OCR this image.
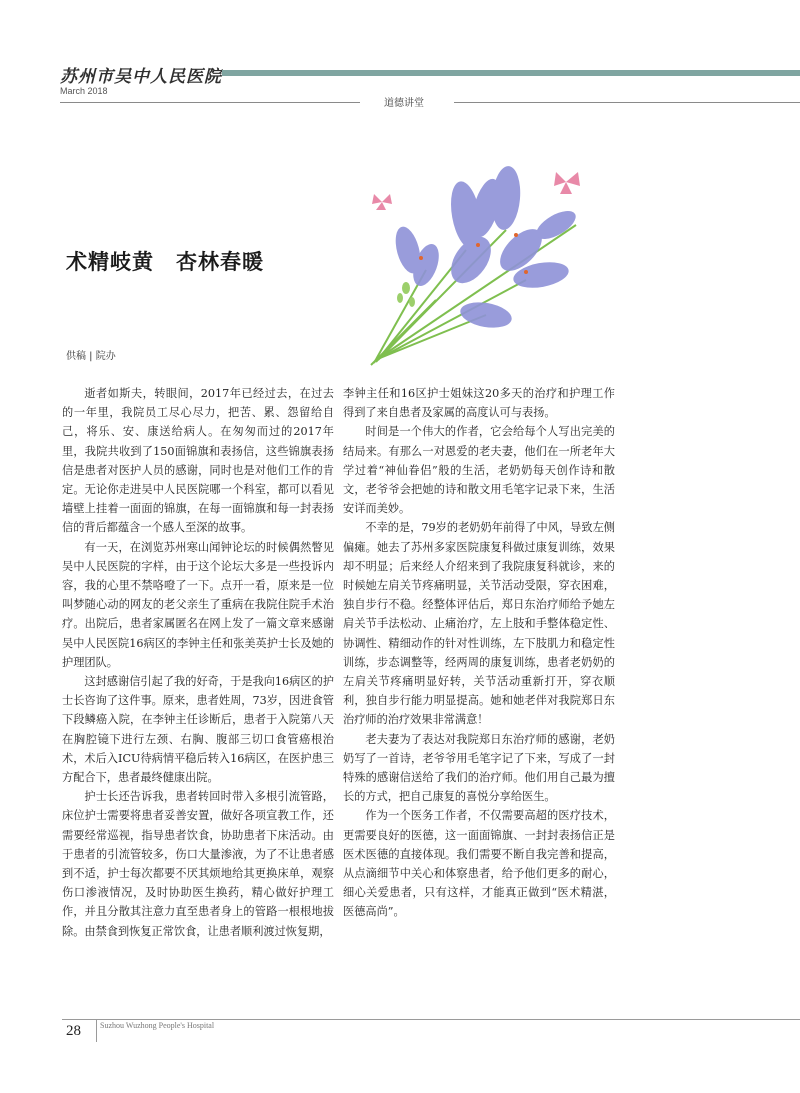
苏州市吴中人民医院
March 2018
道德讲堂
术精岐黄　杏林春暖
供稿 | 院办

逝者如斯夫，转眼间，2017年已经过去，在过去的一年里，我院员工尽心尽力，把苦、累、怨留给自己，将乐、安、康送给病人。在匆匆而过的2017年里，我院共收到了150面锦旗和表扬信，这些锦旗表扬信是患者对医护人员的感谢，同时也是对他们工作的肯定。无论你走进吴中人民医院哪一个科室，都可以看见墙壁上挂着一面面的锦旗，在每一面锦旗和每一封表扬信的背后都蕴含一个感人至深的故事。

有一天，在浏览苏州寒山闻钟论坛的时候偶然瞥见吴中人民医院的字样，由于这个论坛大多是一些投诉内容，我的心里不禁咯噔了一下。点开一看，原来是一位叫梦随心动的网友的老父亲生了重病在我院住院手术治疗。出院后，患者家属匿名在网上发了一篇文章来感谢吴中人民医院16病区的李钟主任和张美英护士长及她的护理团队。

这封感谢信引起了我的好奇，于是我向16病区的护士长咨询了这件事。原来，患者姓周，73岁，因进食管下段鳞癌入院，在李钟主任诊断后，患者于入院第八天在胸腔镜下进行左颈、右胸、腹部三切口食管癌根治术，术后入ICU待病情平稳后转入16病区，在医护患三方配合下，患者最终健康出院。

护士长还告诉我，患者转回时带入多根引流管路，床位护士需要将患者妥善安置，做好各项宣教工作，还需要经常巡视，指导患者饮食，协助患者下床活动。由于患者的引流管较多，伤口大量渗液，为了不让患者感到不适，护士每次都要不厌其烦地给其更换床单，观察伤口渗液情况，及时协助医生换药，精心做好护理工作，并且分散其注意力直至患者身上的管路一根根地拔除。由禁食到恢复正常饮食，让患者顺利渡过恢复期，

李钟主任和16区护士姐妹这20多天的治疗和护理工作得到了来自患者及家属的高度认可与表扬。

时间是一个伟大的作者，它会给每个人写出完美的结局来。有那么一对恩爱的老夫妻，他们在一所老年大学过着“神仙眷侣”般的生活，老奶奶每天创作诗和散文，老爷爷会把她的诗和散文用毛笔字记录下来，生活安详而美妙。

不幸的是，79岁的老奶奶年前得了中风，导致左侧偏瘫。她去了苏州多家医院康复科做过康复训练，效果却不明显；后来经人介绍来到了我院康复科就诊，来的时候她左肩关节疼痛明显，关节活动受限，穿衣困难，独自步行不稳。经整体评估后，郑日东治疗师给予她左肩关节手法松动、止痛治疗，左上肢和手整体稳定性、协调性、精细动作的针对性训练，左下肢肌力和稳定性训练，步态调整等，经两周的康复训练，患者老奶奶的左肩关节疼痛明显好转，关节活动重新打开，穿衣顺利，独自步行能力明显提高。她和她老伴对我院郑日东治疗师的治疗效果非常满意！

老夫妻为了表达对我院郑日东治疗师的感谢，老奶奶写了一首诗，老爷爷用毛笔字记了下来，写成了一封特殊的感谢信送给了我们的治疗师。他们用自己最为擅长的方式，把自己康复的喜悦分享给医生。

作为一个医务工作者，不仅需要高超的医疗技术，更需要良好的医德，这一面面锦旗、一封封表扬信正是医术医德的直接体现。我们需要不断自我完善和提高，从点滴细节中关心和体察患者，给予他们更多的耐心，细心关爱患者，只有这样，才能真正做到“医术精湛，医德高尚”。

28 Suzhou Wuzhong People's Hospital
